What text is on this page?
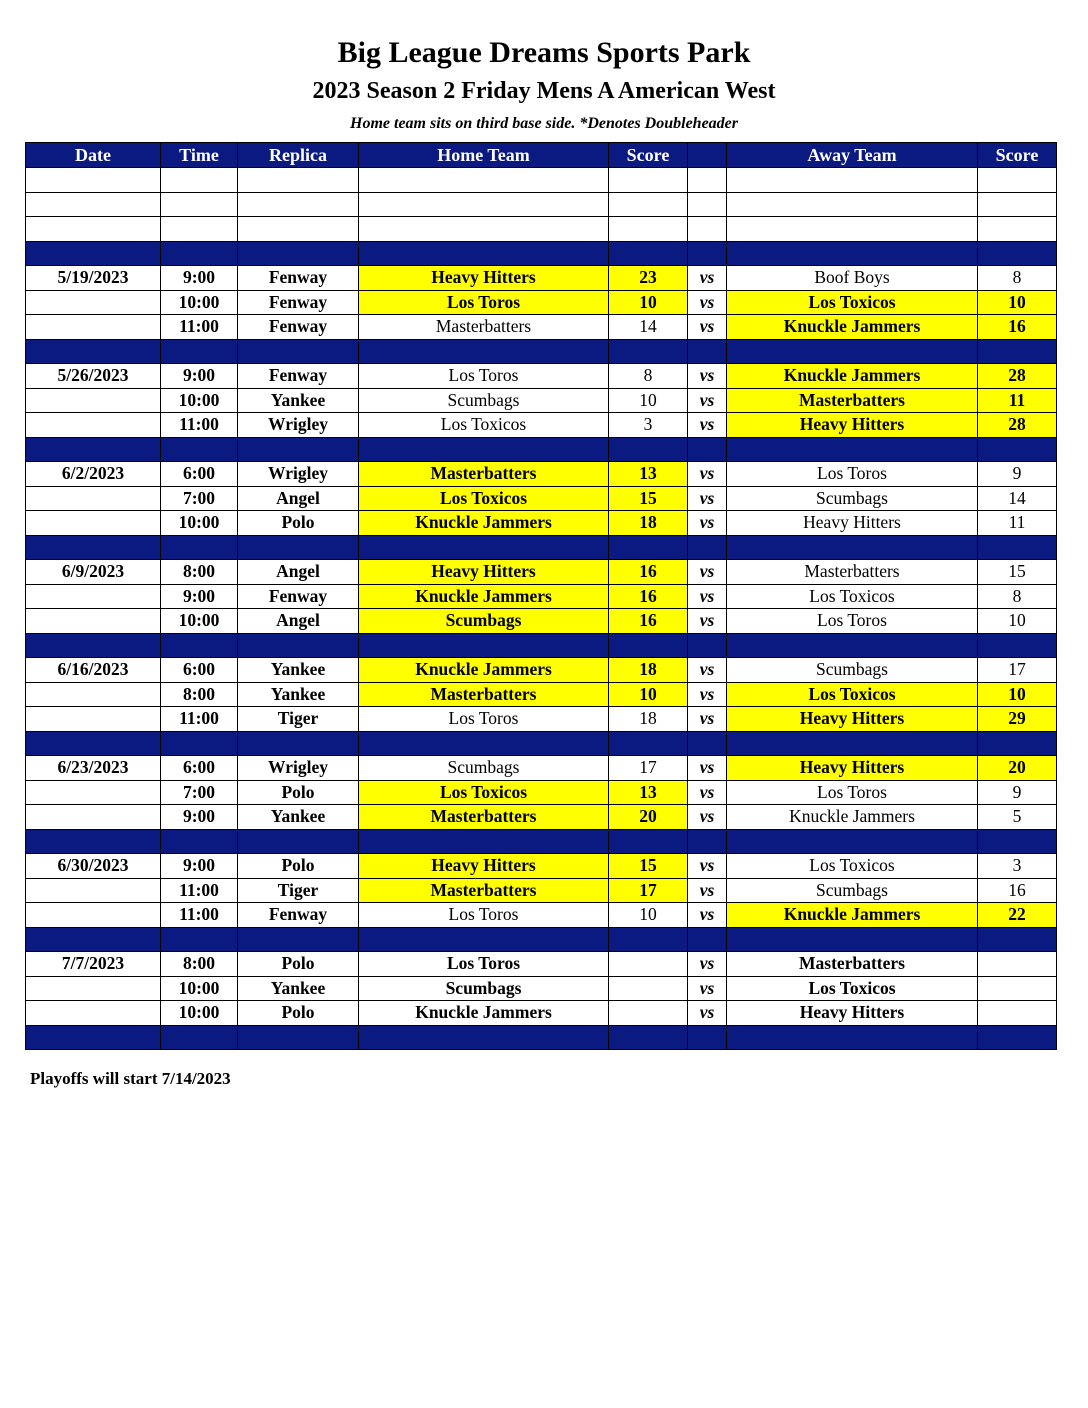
Big League Dreams Sports Park
2023 Season 2 Friday Mens A American West
Home team sits on third base side. *Denotes Doubleheader
Date	Time	Replica	Home Team	Score		Away Team	Score

5/19/2023	9:00	Fenway	Heavy Hitters	23	vs	Boof Boys	8
	10:00	Fenway	Los Toros	10	vs	Los Toxicos	10
	11:00	Fenway	Masterbatters	14	vs	Knuckle Jammers	16

5/26/2023	9:00	Fenway	Los Toros	8	vs	Knuckle Jammers	28
	10:00	Yankee	Scumbags	10	vs	Masterbatters	11
	11:00	Wrigley	Los Toxicos	3	vs	Heavy Hitters	28

6/2/2023	6:00	Wrigley	Masterbatters	13	vs	Los Toros	9
	7:00	Angel	Los Toxicos	15	vs	Scumbags	14
	10:00	Polo	Knuckle Jammers	18	vs	Heavy Hitters	11

6/9/2023	8:00	Angel	Heavy Hitters	16	vs	Masterbatters	15
	9:00	Fenway	Knuckle Jammers	16	vs	Los Toxicos	8
	10:00	Angel	Scumbags	16	vs	Los Toros	10

6/16/2023	6:00	Yankee	Knuckle Jammers	18	vs	Scumbags	17
	8:00	Yankee	Masterbatters	10	vs	Los Toxicos	10
	11:00	Tiger	Los Toros	18	vs	Heavy Hitters	29

6/23/2023	6:00	Wrigley	Scumbags	17	vs	Heavy Hitters	20
	7:00	Polo	Los Toxicos	13	vs	Los Toros	9
	9:00	Yankee	Masterbatters	20	vs	Knuckle Jammers	5

6/30/2023	9:00	Polo	Heavy Hitters	15	vs	Los Toxicos	3
	11:00	Tiger	Masterbatters	17	vs	Scumbags	16
	11:00	Fenway	Los Toros	10	vs	Knuckle Jammers	22

7/7/2023	8:00	Polo	Los Toros		vs	Masterbatters	
	10:00	Yankee	Scumbags		vs	Los Toxicos	
	10:00	Polo	Knuckle Jammers		vs	Heavy Hitters	

Playoffs will start 7/14/2023
